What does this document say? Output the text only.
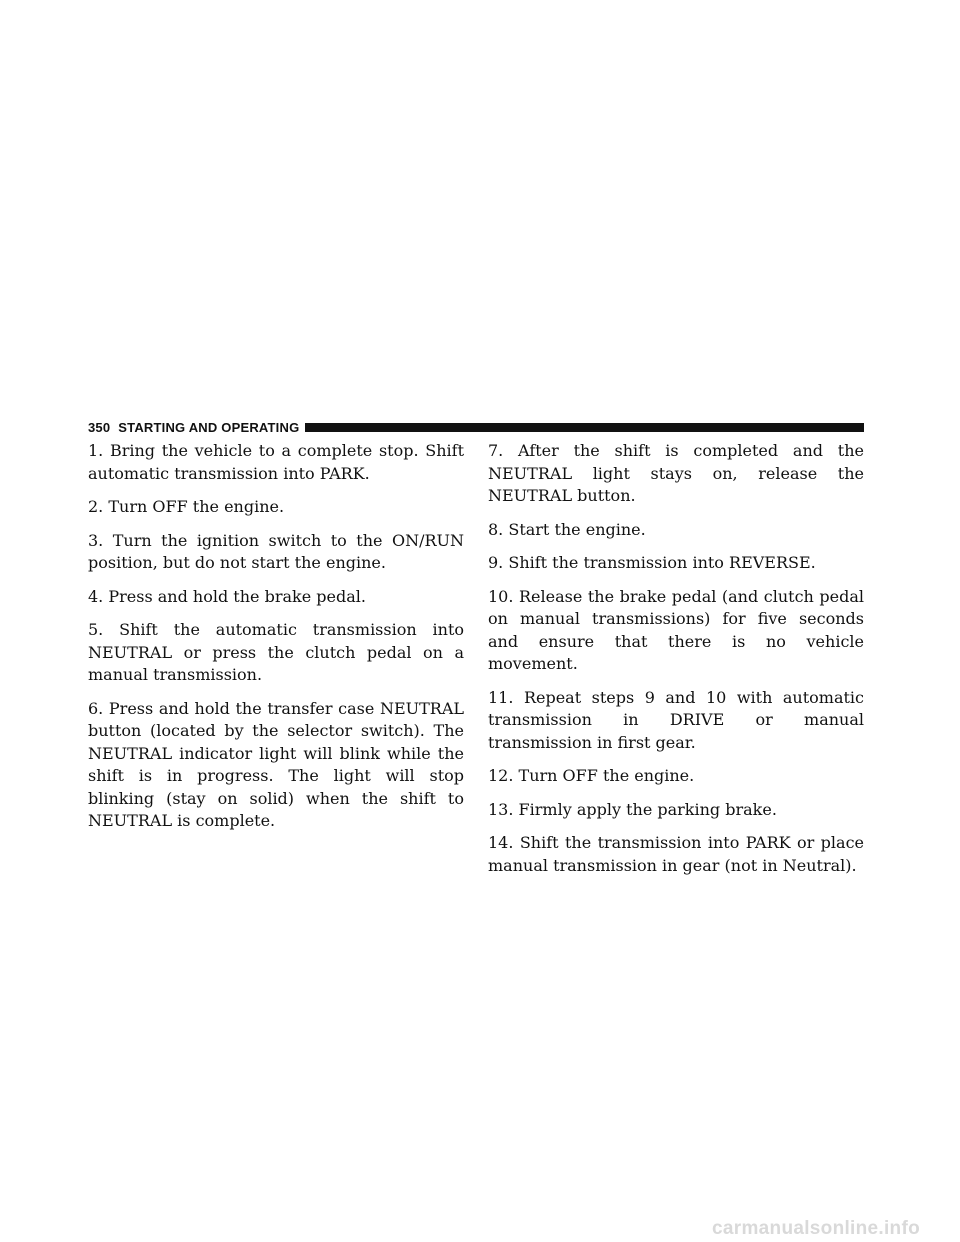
350 STARTING AND OPERATING

1. Bring the vehicle to a complete stop. Shift automatic transmission into PARK.

2. Turn OFF the engine.

3. Turn the ignition switch to the ON/RUN position, but do not start the engine.

4. Press and hold the brake pedal.

5. Shift the automatic transmission into NEUTRAL or press the clutch pedal on a manual transmission.

6. Press and hold the transfer case NEUTRAL button (located by the selector switch). The NEUTRAL indicator light will blink while the shift is in progress. The light will stop blinking (stay on solid) when the shift to NEUTRAL is complete.

7. After the shift is completed and the NEUTRAL light stays on, release the NEUTRAL button.

8. Start the engine.

9. Shift the transmission into REVERSE.

10. Release the brake pedal (and clutch pedal on manual transmissions) for five seconds and ensure that there is no vehicle movement.

11. Repeat steps 9 and 10 with automatic transmission in DRIVE or manual transmission in first gear.

12. Turn OFF the engine.

13. Firmly apply the parking brake.

14. Shift the transmission into PARK or place manual transmission in gear (not in Neutral).

carmanualsonline.info
